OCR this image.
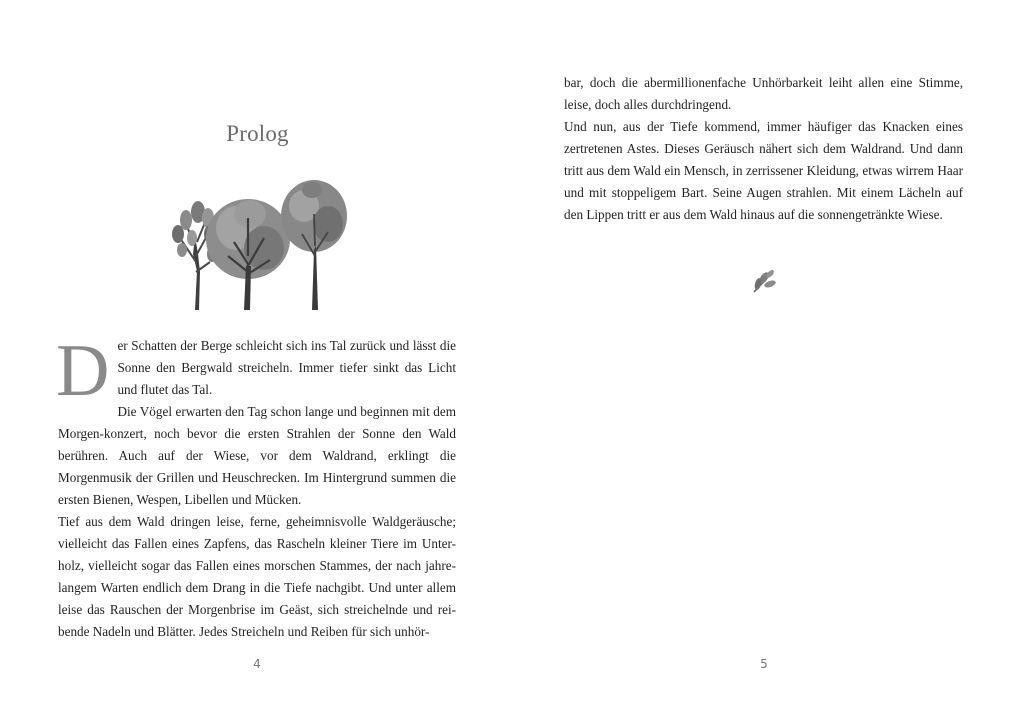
Prolog
D er Schatten der Berge schleicht sich ins Tal zurück und lässt die Sonne den Bergwald streicheln. Immer tiefer sinkt das Licht und flutet das Tal.

Die Vögel erwarten den Tag schon lange und beginnen mit dem Morgen-konzert, noch bevor die ersten Strahlen der Sonne den Wald berühren. Auch auf der Wiese, vor dem Waldrand, erklingt die Morgenmusik der Grillen und Heuschrecken. Im Hintergrund summen die ersten Bienen, Wespen, Libellen und Mücken.

Tief aus dem Wald dringen leise, ferne, geheimnisvolle Waldgeräusche; vielleicht das Fallen eines Zapfens, das Rascheln kleiner Tiere im Unter-holz, vielleicht sogar das Fallen eines morschen Stammes, der nach jahre-langem Warten endlich dem Drang in die Tiefe nachgibt. Und unter allem leise das Rauschen der Morgenbrise im Geäst, sich streichelnde und rei-bende Nadeln und Blätter. Jedes Streicheln und Reiben für sich unhör-

4

bar, doch die abermillionenfache Unhörbarkeit leiht allen eine Stimme, leise, doch alles durchdringend.

Und nun, aus der Tiefe kommend, immer häufiger das Knacken eines zertretenen Astes. Dieses Geräusch nähert sich dem Waldrand. Und dann tritt aus dem Wald ein Mensch, in zerrissener Kleidung, etwas wirrem Haar und mit stoppeligem Bart. Seine Augen strahlen. Mit einem Lächeln auf den Lippen tritt er aus dem Wald hinaus auf die sonnengetränkte Wiese.

5
